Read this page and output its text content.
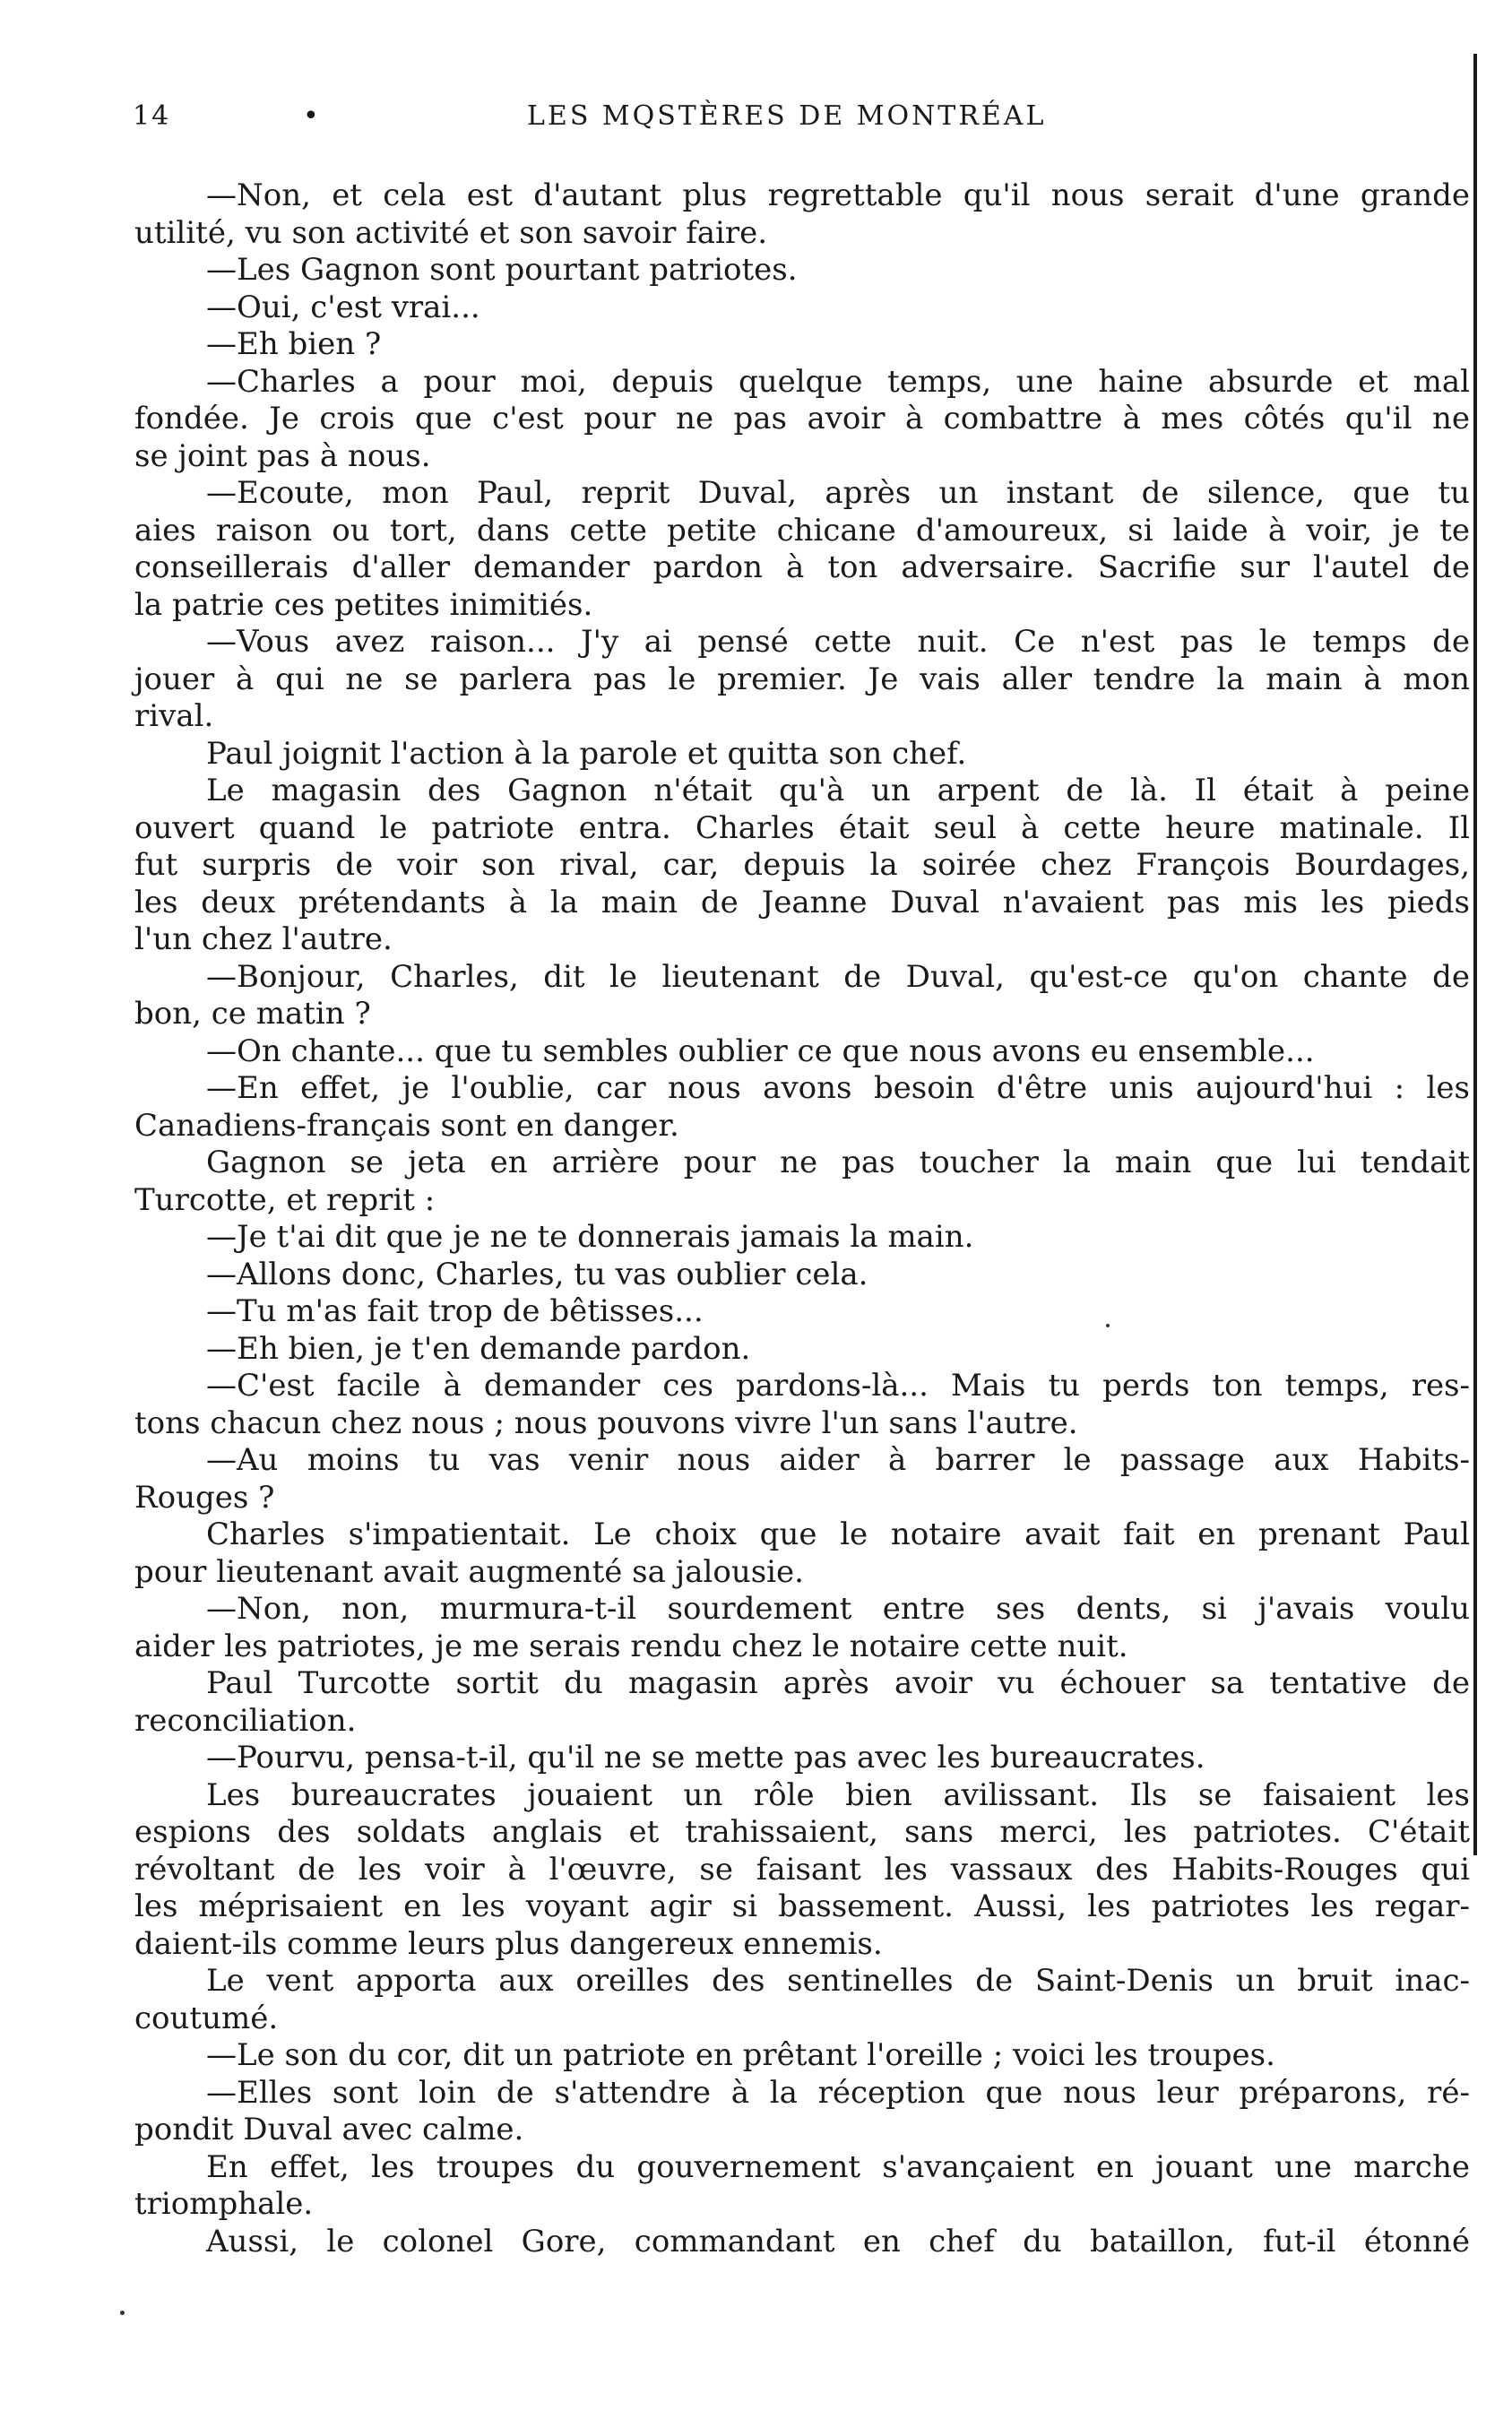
14	•	LES MQSTÈRES DE MONTRÉAL
—Non, et cela est d'autant plus regrettable qu'il nous serait d'une grande
utilité, vu son activité et son savoir faire.
—Les Gagnon sont pourtant patriotes.
—Oui, c'est vrai...
—Eh bien ?
—Charles a pour moi, depuis quelque temps, une haine absurde et mal
fondée. Je crois que c'est pour ne pas avoir à combattre à mes côtés qu'il ne
se joint pas à nous.
—Ecoute, mon Paul, reprit Duval, après un instant de silence, que tu
aies raison ou tort, dans cette petite chicane d'amoureux, si laide à voir, je te
conseillerais d'aller demander pardon à ton adversaire. Sacrifie sur l'autel de
la patrie ces petites inimitiés.
—Vous avez raison... J'y ai pensé cette nuit. Ce n'est pas le temps de
jouer à qui ne se parlera pas le premier. Je vais aller tendre la main à mon
rival.
Paul joignit l'action à la parole et quitta son chef.
Le magasin des Gagnon n'était qu'à un arpent de là. Il était à peine
ouvert quand le patriote entra. Charles était seul à cette heure matinale. Il
fut surpris de voir son rival, car, depuis la soirée chez François Bourdages,
les deux prétendants à la main de Jeanne Duval n'avaient pas mis les pieds
l'un chez l'autre.
—Bonjour, Charles, dit le lieutenant de Duval, qu'est-ce qu'on chante de
bon, ce matin ?
—On chante... que tu sembles oublier ce que nous avons eu ensemble...
—En effet, je l'oublie, car nous avons besoin d'être unis aujourd'hui : les
Canadiens-français sont en danger.
Gagnon se jeta en arrière pour ne pas toucher la main que lui tendait
Turcotte, et reprit :
—Je t'ai dit que je ne te donnerais jamais la main.
—Allons donc, Charles, tu vas oublier cela.
—Tu m'as fait trop de bêtisses...
—Eh bien, je t'en demande pardon.
—C'est facile à demander ces pardons-là... Mais tu perds ton temps, res-
tons chacun chez nous ; nous pouvons vivre l'un sans l'autre.
—Au moins tu vas venir nous aider à barrer le passage aux Habits-
Rouges ?
Charles s'impatientait. Le choix que le notaire avait fait en prenant Paul
pour lieutenant avait augmenté sa jalousie.
—Non, non, murmura-t-il sourdement entre ses dents, si j'avais voulu
aider les patriotes, je me serais rendu chez le notaire cette nuit.
Paul Turcotte sortit du magasin après avoir vu échouer sa tentative de
reconciliation.
—Pourvu, pensa-t-il, qu'il ne se mette pas avec les bureaucrates.
Les bureaucrates jouaient un rôle bien avilissant. Ils se faisaient les
espions des soldats anglais et trahissaient, sans merci, les patriotes. C'était
révoltant de les voir à l'œuvre, se faisant les vassaux des Habits-Rouges qui
les méprisaient en les voyant agir si bassement. Aussi, les patriotes les regar-
daient-ils comme leurs plus dangereux ennemis.
Le vent apporta aux oreilles des sentinelles de Saint-Denis un bruit inac-
coutumé.
—Le son du cor, dit un patriote en prêtant l'oreille ; voici les troupes.
—Elles sont loin de s'attendre à la réception que nous leur préparons, ré-
pondit Duval avec calme.
En effet, les troupes du gouvernement s'avançaient en jouant une marche
triomphale.
Aussi, le colonel Gore, commandant en chef du bataillon, fut-il étonné
